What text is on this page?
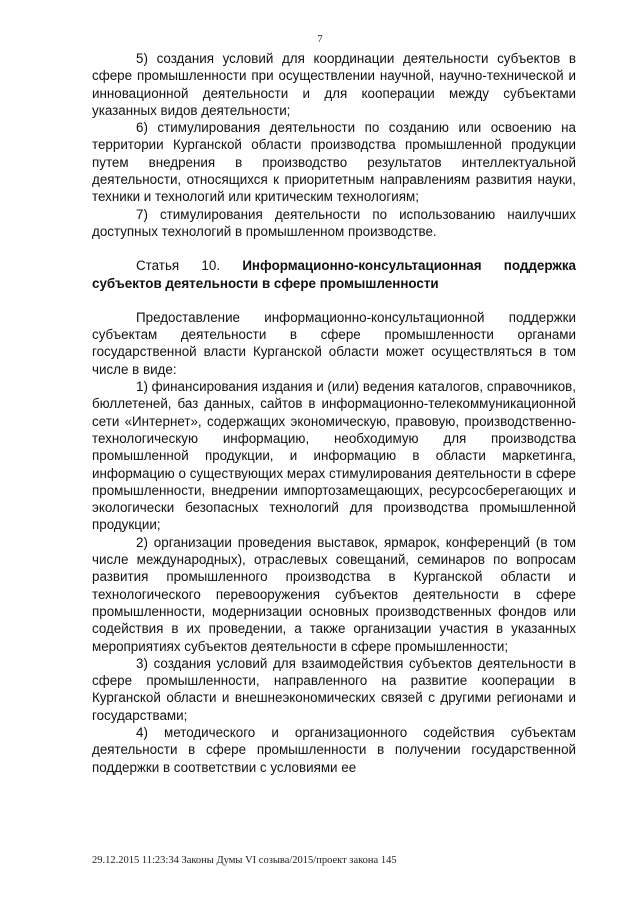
7

5) создания условий для координации деятельности субъектов в сфере промышленности при осуществлении научной, научно-технической и инновационной деятельности и для кооперации между субъектами указанных видов деятельности;

6) стимулирования деятельности по созданию или освоению на территории Курганской области производства промышленной продукции путем внедрения в производство результатов интеллектуальной деятельности, относящихся к приоритетным направлениям развития науки, техники и технологий или критическим технологиям;

7) стимулирования деятельности по использованию наилучших доступных технологий в промышленном производстве.

Статья 10. Информационно-консультационная поддержка субъектов деятельности в сфере промышленности

Предоставление информационно-консультационной поддержки субъектам деятельности в сфере промышленности органами государственной власти Курганской области может осуществляться в том числе в виде:

1) финансирования издания и (или) ведения каталогов, справочников, бюллетеней, баз данных, сайтов в информационно-телекоммуникационной сети «Интернет», содержащих экономическую, правовую, производственно-технологическую информацию, необходимую для производства промышленной продукции, и информацию в области маркетинга, информацию о существующих мерах стимулирования деятельности в сфере промышленности, внедрении импортозамещающих, ресурсосберегающих и экологически безопасных технологий для производства промышленной продукции;

2) организации проведения выставок, ярмарок, конференций (в том числе международных), отраслевых совещаний, семинаров по вопросам развития промышленного производства в Курганской области и технологического перевооружения субъектов деятельности в сфере промышленности, модернизации основных производственных фондов или содействия в их проведении, а также организации участия в указанных мероприятиях субъектов деятельности в сфере промышленности;

3) создания условий для взаимодействия субъектов деятельности в сфере промышленности, направленного на развитие кооперации в Курганской области и внешнеэкономических связей с другими регионами и государствами;

4) методического и организационного содействия субъектам деятельности в сфере промышленности в получении государственной поддержки в соответствии с условиями ее

29.12.2015 11:23:34 Законы Думы VI созыва/2015/проект закона 145
